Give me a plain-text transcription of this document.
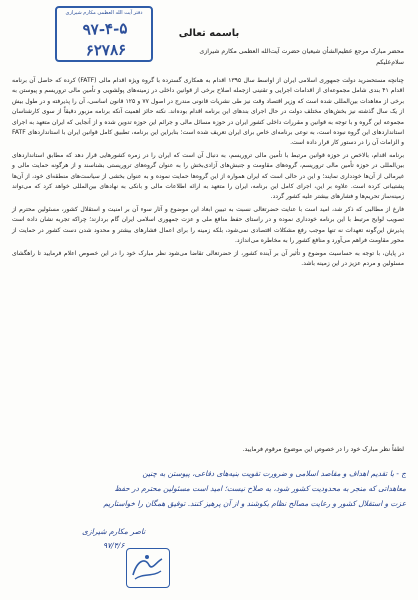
دفتر آیت الله العظمی مکارم شیرازی
۹۷-۴-۵
۶۲۷۸۶
باسمه تعالی
محضر مبارک مرجع عظیم‌الشأن شیعیان حضرت آیت‌الله العظمی مکارم شیرازی
سلام‌علیکم

چنانچه مستحضرید دولت جمهوری اسلامی ایران از اواسط سال ۱۳۹۵ اقدام به همکاری گسترده با گروه ویژه اقدام مالی (FATF) کرده که حاصل آن برنامه اقدام ۴۱ بندی شامل مجموعه‌ای از اقدامات اجرایی و تقنینی ازجمله اصلاح برخی از قوانین داخلی در زمینه‌های پولشویی و تأمین مالی تروریسم و پیوستن به برخی از معاهدات بین‌المللی شده است که وزیر اقتصاد وقت نیز طی نشریات قانونی مندرج در اصول ۷۷ و ۱۲۵ قانون اساسی، آن را پذیرفته و در طول بیش از یک سال گذشته نیز بخش‌های مختلف دولت در حال اجرای بندهای این برنامه اقدام بوده‌اند. نکته حائز اهمیت آنکه برنامه مزبور دقیقاً از سوی کارشناسان مجموعه این گروه و با توجه به قوانین و مقررات داخلی کشور ایران در حوزه مسائل مالی و جرائم این حوزه تدوین شده و از آنجایی که ایران متعهد به اجرای استانداردهای این گروه نبوده است، به نوعی برنامه‌ای خاص برای ایران تعریف شده است؛ بنابراین این برنامه، تطبیق کامل قوانین ایران با استانداردهای FATF و الزامات آن را در دستور کار قرار داده است.

برنامه اقدام، بالاخص در حوزه قوانین مرتبط با تأمین مالی تروریسم، به دنبال آن است که ایران را در زمره کشورهایی قرار دهد که مطابق استانداردهای بین‌المللی در حوزه تأمین مالی تروریسم، گروه‌های مقاومت و جنبش‌های آزادی‌بخش را به عنوان گروه‌های تروریستی بشناسند و از هرگونه حمایت مالی و غیرمالی از آن‌ها خودداری نمایند؛ و این در حالی است که ایران همواره از این گروه‌ها حمایت نموده و به عنوان بخشی از سیاست‌های منطقه‌ای خود، از آن‌ها پشتیبانی کرده است. علاوه بر این، اجرای کامل این برنامه، ایران را متعهد به ارائه اطلاعات مالی و بانکی به نهادهای بین‌المللی خواهد کرد که می‌تواند زمینه‌ساز تحریم‌ها و فشارهای بیشتر علیه کشور گردد.

فارغ از مطالبی که ذکر شد، امید است با عنایت حضرتعالی نسبت به تبیین ابعاد این موضوع و آثار سوء آن بر امنیت و استقلال کشور، مسئولین محترم از تصویب لوایح مرتبط با این برنامه خودداری نموده و در راستای حفظ منافع ملی و عزت جمهوری اسلامی ایران گام بردارند؛ چراکه تجربه نشان داده است پذیرش این‌گونه تعهدات نه تنها موجب رفع مشکلات اقتصادی نمی‌شود، بلکه زمینه را برای اعمال فشارهای بیشتر و محدود شدن دست کشور در حمایت از محور مقاومت فراهم می‌آورد و منافع کشور را به مخاطره می‌اندازد.

در پایان، با توجه به حساسیت موضوع و تأثیر آن بر آینده کشور، از حضرتعالی تقاضا می‌شود نظر مبارک خود را در این خصوص اعلام فرمایید تا راهگشای مسئولین و مردم عزیز در این زمینه باشد.

لطفاً نظر مبارک خود را در خصوص این موضوع مرقوم فرمایید.
ج - با تقدیم اهداف و مقاصد اسلامی و ضرورت تقویت بنیه‌های دفاعی، پیوستن به چنین
معاهداتی که منجر به محدودیت کشور شود، به صلاح نیست؛ امید است مسئولین محترم در حفظ
عزت و استقلال کشور و رعایت مصالح نظام بکوشند و از آن پرهیز کنند. توفیق همگان را خواستاریم
ناصر مکارم شیرازی
۹۷/۴/۶
